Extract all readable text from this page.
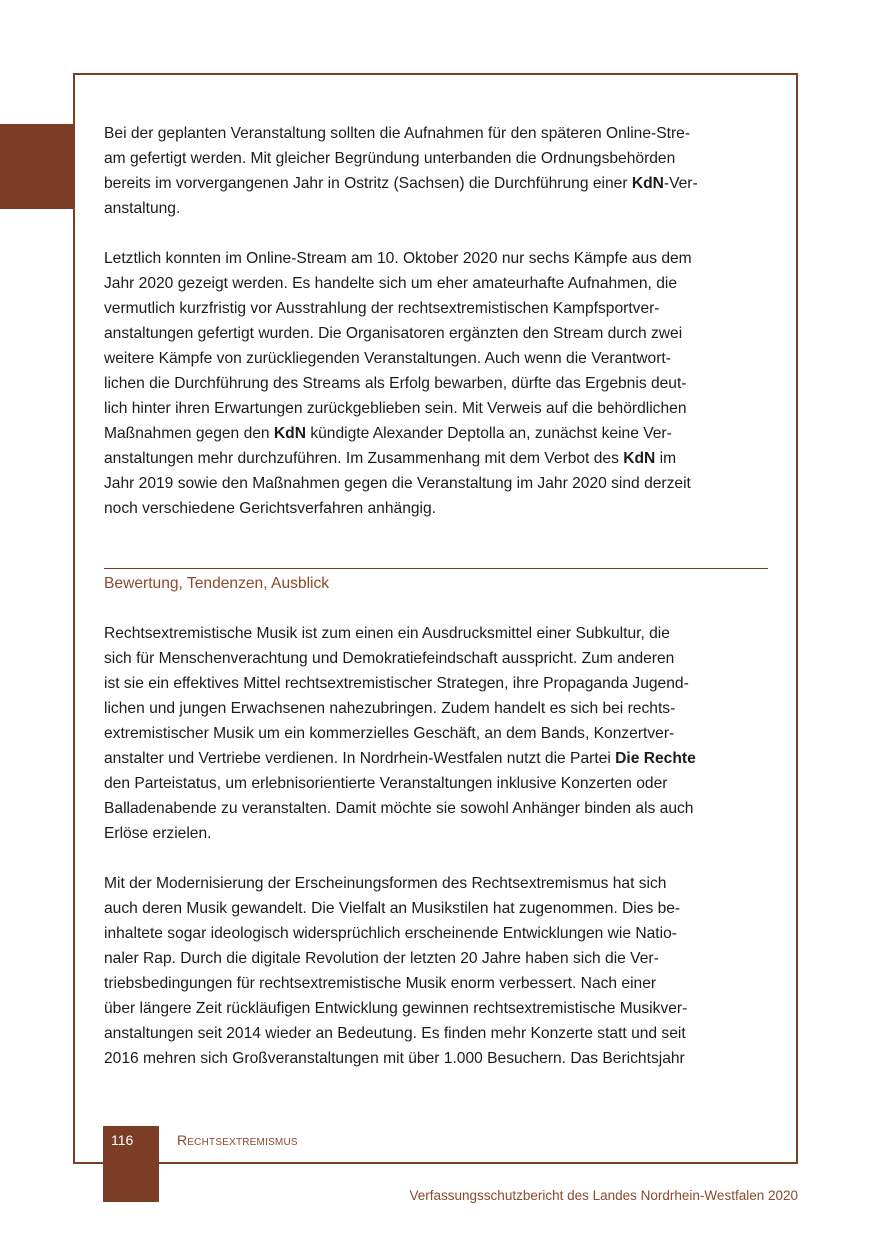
Bei der geplanten Veranstaltung sollten die Aufnahmen für den späteren Online-Stre-
am gefertigt werden. Mit gleicher Begründung unterbanden die Ordnungsbehörden
bereits im vorvergangenen Jahr in Ostritz (Sachsen) die Durchführung einer KdN-Ver-
anstaltung.

Letztlich konnten im Online-Stream am 10. Oktober 2020 nur sechs Kämpfe aus dem
Jahr 2020 gezeigt werden. Es handelte sich um eher amateurhafte Aufnahmen, die
vermutlich kurzfristig vor Ausstrahlung der rechtsextremistischen Kampfsportver-
anstaltungen gefertigt wurden. Die Organisatoren ergänzten den Stream durch zwei
weitere Kämpfe von zurückliegenden Veranstaltungen. Auch wenn die Verantwort-
lichen die Durchführung des Streams als Erfolg bewarben, dürfte das Ergebnis deut-
lich hinter ihren Erwartungen zurückgeblieben sein. Mit Verweis auf die behördlichen
Maßnahmen gegen den KdN kündigte Alexander Deptolla an, zunächst keine Ver-
anstaltungen mehr durchzuführen. Im Zusammenhang mit dem Verbot des KdN im
Jahr 2019 sowie den Maßnahmen gegen die Veranstaltung im Jahr 2020 sind derzeit
noch verschiedene Gerichtsverfahren anhängig.

Bewertung, Tendenzen, Ausblick

Rechtsextremistische Musik ist zum einen ein Ausdrucksmittel einer Subkultur, die
sich für Menschenverachtung und Demokratiefeindschaft ausspricht. Zum anderen
ist sie ein effektives Mittel rechtsextremistischer Strategen, ihre Propaganda Jugend-
lichen und jungen Erwachsenen nahezubringen. Zudem handelt es sich bei rechts-
extremistischer Musik um ein kommerzielles Geschäft, an dem Bands, Konzertver-
anstalter und Vertriebe verdienen. In Nordrhein-Westfalen nutzt die Partei Die Rechte
den Parteistatus, um erlebnisorientierte Veranstaltungen inklusive Konzerten oder
Balladenabende zu veranstalten. Damit möchte sie sowohl Anhänger binden als auch
Erlöse erzielen.

Mit der Modernisierung der Erscheinungsformen des Rechtsextremismus hat sich
auch deren Musik gewandelt. Die Vielfalt an Musikstilen hat zugenommen. Dies be-
inhaltete sogar ideologisch widersprüchlich erscheinende Entwicklungen wie Natio-
naler Rap. Durch die digitale Revolution der letzten 20 Jahre haben sich die Ver-
triebsbedingungen für rechtsextremistische Musik enorm verbessert. Nach einer
über längere Zeit rückläufigen Entwicklung gewinnen rechtsextremistische Musikver-
anstaltungen seit 2014 wieder an Bedeutung. Es finden mehr Konzerte statt und seit
2016 mehren sich Großveranstaltungen mit über 1.000 Besuchern. Das Berichtsjahr

116	Rechtsextremismus
Verfassungsschutzbericht des Landes Nordrhein-Westfalen 2020
